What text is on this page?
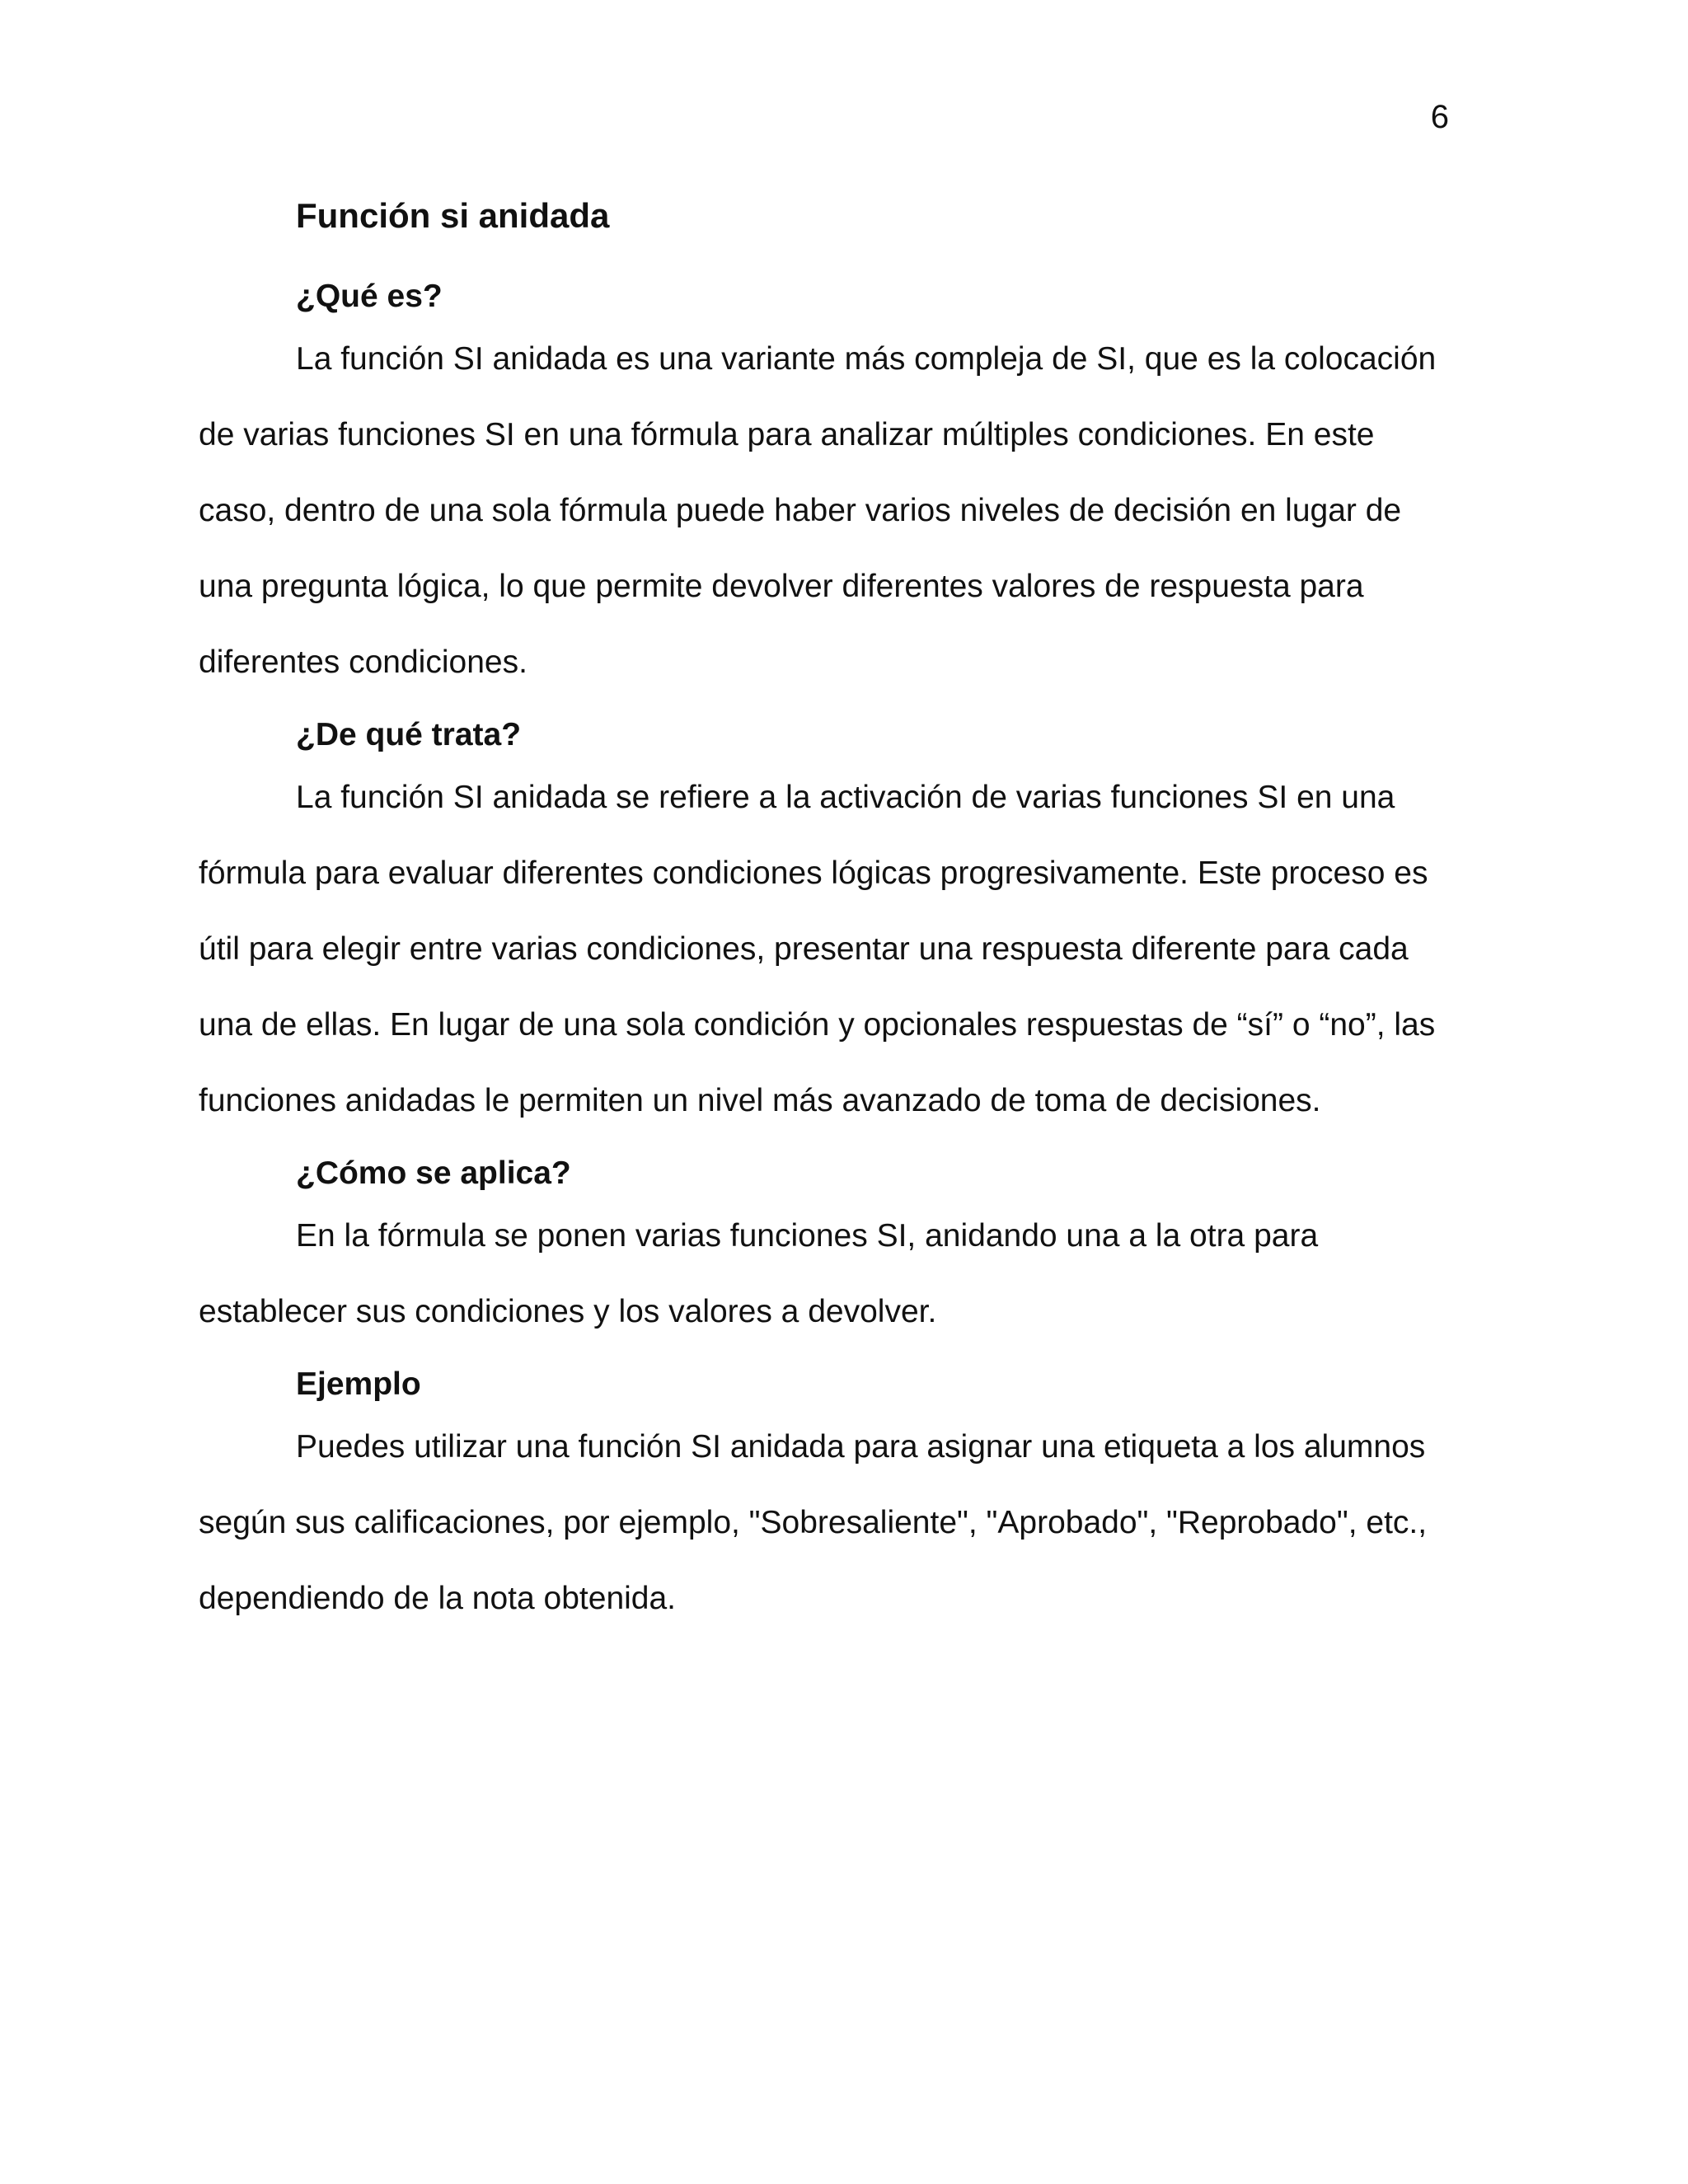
6
Función si anidada
¿Qué es?

La función SI anidada es una variante más compleja de SI, que es la colocación de varias funciones SI en una fórmula para analizar múltiples condiciones. En este caso, dentro de una sola fórmula puede haber varios niveles de decisión en lugar de una pregunta lógica, lo que permite devolver diferentes valores de respuesta para diferentes condiciones.

¿De qué trata?

La función SI anidada se refiere a la activación de varias funciones SI en una fórmula para evaluar diferentes condiciones lógicas progresivamente. Este proceso es útil para elegir entre varias condiciones, presentar una respuesta diferente para cada una de ellas. En lugar de una sola condición y opcionales respuestas de “sí” o “no”, las funciones anidadas le permiten un nivel más avanzado de toma de decisiones.

¿Cómo se aplica?

En la fórmula se ponen varias funciones SI, anidando una a la otra para establecer sus condiciones y los valores a devolver.

Ejemplo

Puedes utilizar una función SI anidada para asignar una etiqueta a los alumnos según sus calificaciones, por ejemplo, "Sobresaliente", "Aprobado", "Reprobado", etc., dependiendo de la nota obtenida.
